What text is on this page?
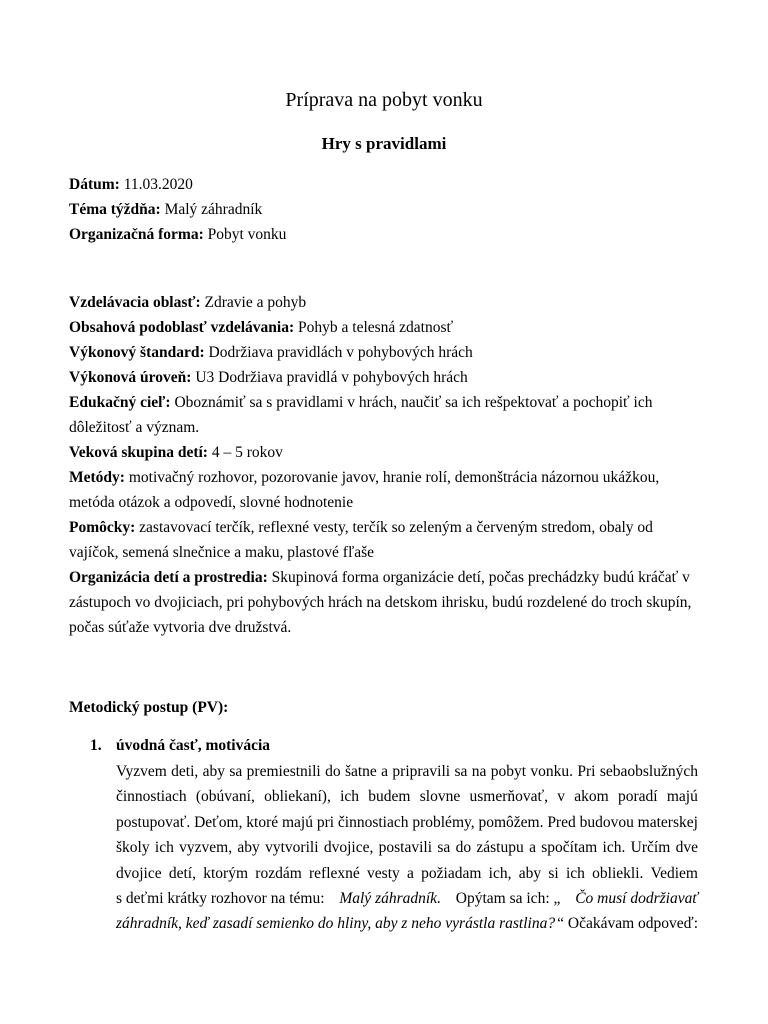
Príprava na pobyt vonku
Hry s pravidlami

Dátum: 11.03.2020

Téma týždňa: Malý záhradník

Organizačná forma: Pobyt vonku

Vzdelávacia oblasť: Zdravie a pohyb

Obsahová podoblasť vzdelávania: Pohyb a telesná zdatnosť

Výkonový štandard: Dodržiava pravidlách v pohybových hrách

Výkonová úroveň: U3 Dodržiava pravidlá v pohybových hrách

Edukačný cieľ: Oboznámiť sa s pravidlami v hrách, naučiť sa ich rešpektovať a pochopiť ich
dôležitosť a význam.

Veková skupina detí: 4 – 5 rokov

Metódy: motivačný rozhovor, pozorovanie javov, hranie rolí, demonštrácia názornou ukážkou,
metóda otázok a odpovedí, slovné hodnotenie

Pomôcky: zastavovací terčík, reflexné vesty, terčík so zeleným a červeným stredom, obaly od
vajíčok, semená slnečnice a maku, plastové fľaše

Organizácia detí a prostredia: Skupinová forma organizácie detí, počas prechádzky budú kráčať v
zástupoch vo dvojiciach, pri pohybových hrách na detskom ihrisku, budú rozdelené do troch skupín,
počas súťaže vytvoria dve družstvá.

Metodický postup (PV):
1. úvodná časť, motivácia
Vyzvem deti, aby sa premiestnili do šatne a pripravili sa na pobyt vonku. Pri sebaobslužných
činnostiach (obúvaní, obliekaní), ich budem slovne usmerňovať, v akom poradí majú
postupovať. Deťom, ktoré majú pri činnostiach problémy, pomôžem. Pred budovou materskej
školy ich vyzvem, aby vytvorili dvojice, postavili sa do zástupu a spočítam ich. Určím dve
dvojice detí, ktorým rozdám reflexné vesty a požiadam ich, aby si ich obliekli. Vediem
s deťmi krátky rozhovor na tému: Malý záhradník. Opýtam sa ich: „ Čo musí dodržiavať
záhradník, keď zasadí semienko do hliny, aby z neho vyrástla rastlina? “ Očakávam odpoveď:
